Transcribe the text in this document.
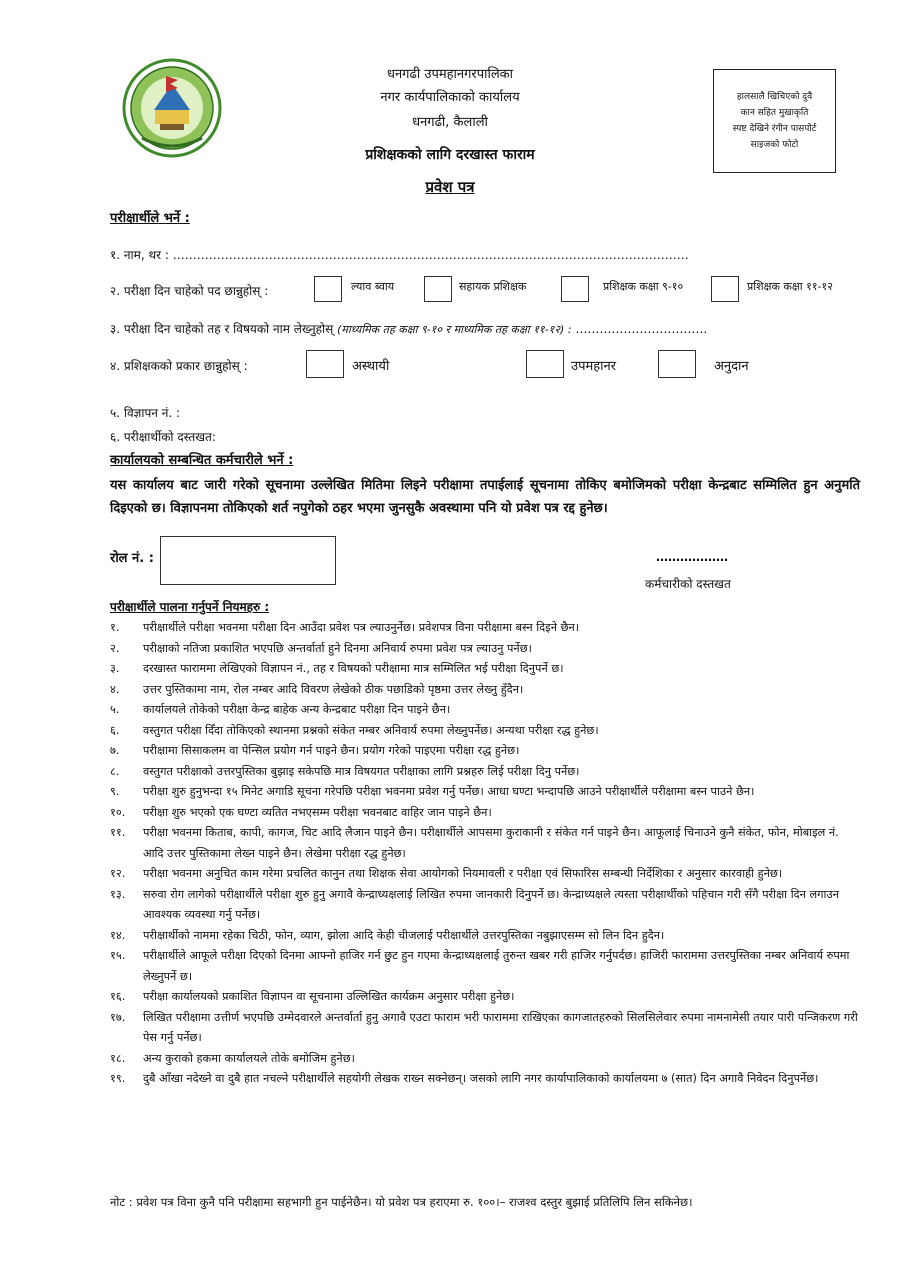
धनगढी उपमहानगरपालिका
नगर कार्यपालिकाको कार्यालय
धनगढी, कैलाली
प्रशिक्षकको लागि दरखास्त फाराम
प्रवेश पत्र
हालसालै खिचिएको दुवै
कान सहित मुखाकृति
स्पष्ट देखिने रंगीन पासपोर्ट
साइजको फोटो
परीक्षार्थीले भर्ने :
१. नाम, थर : …………………………………………………………………………………………………………………
२. परीक्षा दिन चाहेको पद छान्नुहोस् :	ल्याव ब्वाय	सहायक प्रशिक्षक	प्रशिक्षक कक्षा ९-१०	प्रशिक्षक कक्षा ११-१२
३. परीक्षा दिन चाहेको तह र विषयको नाम लेख्नुहोस् (माध्यमिक तह कक्षा ९-१० र माध्यमिक तह कक्षा ११-१२) : ……………………………
४. प्रशिक्षकको प्रकार छान्नुहोस् :	अस्थायी	उपमहानर	अनुदान
५. विज्ञापन नं. :
६. परीक्षार्थीको दस्तखत:
कार्यालयको सम्बन्धित कर्मचारीले भर्ने :
यस कार्यालय बाट जारी गरेको सूचनामा उल्लेखित मितिमा लिइने परीक्षामा तपाईलाई सूचनामा तोकिए बमोजिमको परीक्षा केन्द्रबाट सम्मिलित हुन अनुमति दिइएको छ। विज्ञापनमा तोकिएको शर्त नपुगेको ठहर भएमा जुनसुकै अवस्थामा पनि यो प्रवेश पत्र रद्द हुनेछ।
रोल नं. :	………………
कर्मचारीको दस्तखत
परीक्षार्थीले पालना गर्नुपर्ने नियमहरु :
१.	परीक्षार्थीले परीक्षा भवनमा परीक्षा दिन आउँदा प्रवेश पत्र ल्याउनुर्नेछ। प्रवेशपत्र विना परीक्षामा बस्न दिइने छैन।
२.	परीक्षाको नतिजा प्रकाशित भएपछि अन्तर्वार्ता हुने दिनमा अनिवार्य रुपमा प्रवेश पत्र ल्याउनु पर्नेछ।
३.	दरखास्त फाराममा लेखिएको विज्ञापन नं., तह र विषयको परीक्षामा मात्र सम्मिलित भई परीक्षा दिनुपर्ने छ।
४.	उत्तर पुस्तिकामा नाम, रोल नम्बर आदि विवरण लेखेको ठीक पछाडिको पृष्ठमा उत्तर लेख्नु हुँदैन।
५.	कार्यालयले तोकेको परीक्षा केन्द्र बाहेक अन्य केन्द्रबाट परीक्षा दिन पाइने छैन।
६.	वस्तुगत परीक्षा दिँदा तोकिएको स्थानमा प्रश्नको संकेत नम्बर अनिवार्य रुपमा लेख्नुपर्नेछ। अन्यथा परीक्षा रद्ध हुनेछ।
७.	परीक्षामा सिसाकलम वा पेन्सिल प्रयोग गर्न पाइने छैन। प्रयोग गरेको पाइएमा परीक्षा रद्ध हुनेछ।
८.	वस्तुगत परीक्षाको उत्तरपुस्तिका बुझाइ सकेपछि मात्र विषयगत परीक्षाका लागि प्रश्नहरु लिई परीक्षा दिनु पर्नेछ।
९.	परीक्षा शुरु हुनुभन्दा १५ मिनेट अगाडि सूचना गरेपछि परीक्षा भवनमा प्रवेश गर्नु पर्नेछ। आधा घण्टा भन्दापछि आउने परीक्षार्थीले परीक्षामा बस्न पाउने छैन।
१०.	परीक्षा शुरु भएको एक घण्टा व्यतित नभएसम्म परीक्षा भवनबाट वाहिर जान पाइने छैन।
११.	परीक्षा भवनमा किताब, कापी, कागज, चिट आदि लैजान पाइने छैन। परीक्षार्थीले आपसमा कुराकानी र संकेत गर्न पाइने छैन। आफूलाई चिनाउने कुनै संकेत, फोन, मोबाइल नं. आदि उत्तर पुस्तिकामा लेख्न पाइने छैन। लेखेमा परीक्षा रद्ध हुनेछ।
१२.	परीक्षा भवनमा अनुचित काम गरेमा प्रचलित कानुन तथा शिक्षक सेवा आयोगको नियमावली र परीक्षा एवं सिफारिस सम्बन्धी निर्देशिका र अनुसार कारवाही हुनेछ।
१३.	सरुवा रोग लागेको परीक्षार्थीले परीक्षा शुरु हुनु अगावै केन्द्राध्यक्षलाई लिखित रुपमा जानकारी दिनुपर्ने छ। केन्द्राध्यक्षले त्यस्ता परीक्षार्थीको पहिचान गरी सँगै परीक्षा दिन लगाउन आवश्यक व्यवस्था गर्नु पर्नेछ।
१४.	परीक्षार्थीको नाममा रहेका चिठी, फोन, व्याग, झोला आदि केही चीजलाई परीक्षार्थीले उत्तरपुस्तिका नबुझाएसम्म सो लिन दिन हुदैन।
१५.	परीक्षार्थीले आफूले परीक्षा दिएको दिनमा आफ्नो हाजिर गर्न छुट हुन गएमा केन्द्राध्यक्षलाई तुरुन्त खबर गरी हाजिर गर्नुपर्दछ। हाजिरी फाराममा उत्तरपुस्तिका नम्बर अनिवार्य रुपमा लेख्नुपर्ने छ।
१६.	परीक्षा कार्यालयको प्रकाशित विज्ञापन वा सूचनामा उल्लिखित कार्यक्रम अनुसार परीक्षा हुनेछ।
१७.	लिखित परीक्षामा उत्तीर्ण भएपछि उम्मेदवारले अन्तर्वार्ता हुनु अगावै एउटा फाराम भरी फाराममा राखिएका कागजातहरुको सिलसिलेवार रुपमा नामनामेसी तयार पारी पन्जिकरण गरी पेस गर्नु पर्नेछ।
१८.	अन्य कुराको हकमा कार्यालयले तोके बमोजिम हुनेछ।
१९.	दुबै आँखा नदेख्ने वा दुबै हात नचल्ने परीक्षार्थीले सहयोगी लेखक राख्न सक्नेछन्। जसको लागि नगर कार्यापालिकाको कार्यालयमा ७ (सात) दिन अगावै निवेदन दिनुपर्नेछ।
नोट : प्रवेश पत्र विना कुनै पनि परीक्षामा सहभागी हुन पाईनेछैन। यो प्रवेश पत्र हराएमा रु. १००।– राजश्व दस्तुर बुझाई प्रतिलिपि लिन सकिनेछ।
